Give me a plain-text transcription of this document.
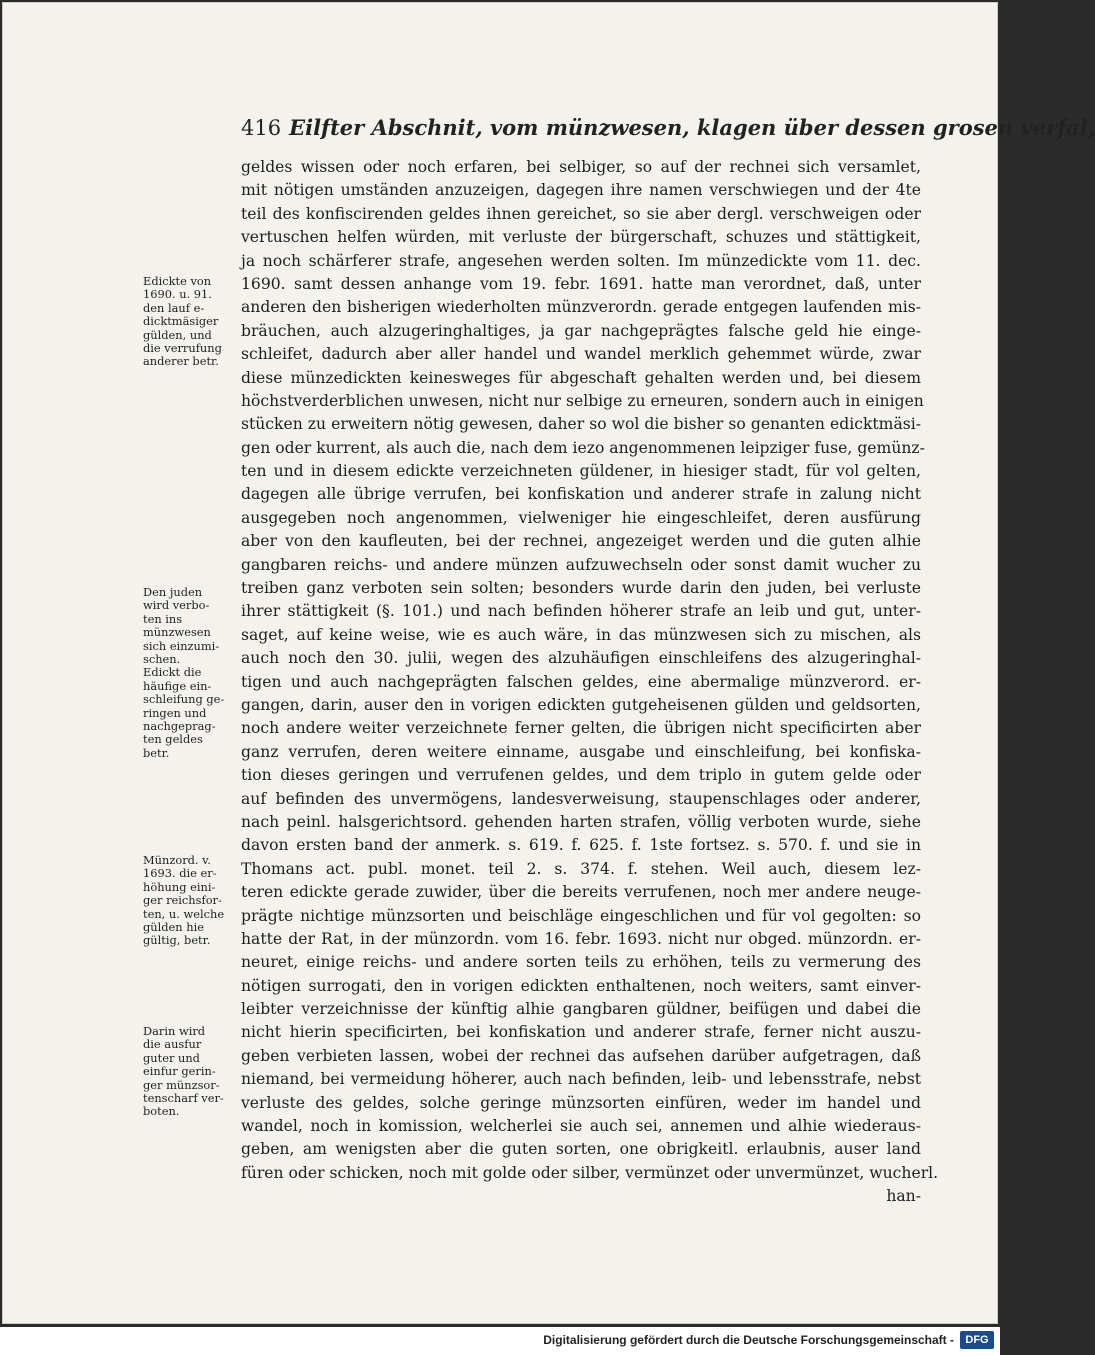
416 Eilfter Abschnit, vom münzwesen, klagen über dessen grosen verfal,
geldes wissen oder noch erfaren, bei selbiger, so auf der rechnei sich versamlet,
mit nötigen umständen anzuzeigen, dagegen ihre namen verschwiegen und der 4te
teil des konfiscirenden geldes ihnen gereichet, so sie aber dergl. verschweigen oder
vertuschen helfen würden, mit verluste der bürgerschaft, schuzes und stättigkeit,
ja noch schärferer strafe, angesehen werden solten. Im münzedickte vom 11. dec.
1690. samt dessen anhange vom 19. febr. 1691. hatte man verordnet, daß, unter
anderen den bisherigen wiederholten münzverordn. gerade entgegen laufenden mis-
bräuchen, auch alzugeringhaltiges, ja gar nachgeprägtes falsche geld hie einge-
schleifet, dadurch aber aller handel und wandel merklich gehemmet würde, zwar
diese münzedickten keinesweges für abgeschaft gehalten werden und, bei diesem
höchstverderblichen unwesen, nicht nur selbige zu erneuren, sondern auch in einigen
stücken zu erweitern nötig gewesen, daher so wol die bisher so genanten edicktmäsi-
gen oder kurrent, als auch die, nach dem iezo angenommenen leipziger fuse, gemünz-
ten und in diesem edickte verzeichneten güldener, in hiesiger stadt, für vol gelten,
dagegen alle übrige verrufen, bei konfiskation und anderer strafe in zalung nicht
ausgegeben noch angenommen, vielweniger hie eingeschleifet, deren ausfürung
aber von den kaufleuten, bei der rechnei, angezeiget werden und die guten alhie
gangbaren reichs- und andere münzen aufzuwechseln oder sonst damit wucher zu
treiben ganz verboten sein solten; besonders wurde darin den juden, bei verluste
ihrer stättigkeit (§. 101.) und nach befinden höherer strafe an leib und gut, unter-
saget, auf keine weise, wie es auch wäre, in das münzwesen sich zu mischen, als
auch noch den 30. julii, wegen des alzuhäufigen einschleifens des alzugeringhal-
tigen und auch nachgeprägten falschen geldes, eine abermalige münzverord. er-
gangen, darin, auser den in vorigen edickten gutgeheisenen gülden und geldsorten,
noch andere weiter verzeichnete ferner gelten, die übrigen nicht specificirten aber
ganz verrufen, deren weitere einname, ausgabe und einschleifung, bei konfiska-
tion dieses geringen und verrufenen geldes, und dem triplo in gutem gelde oder
auf befinden des unvermögens, landesverweisung, staupenschlages oder anderer,
nach peinl. halsgerichtsord. gehenden harten strafen, völlig verboten wurde, siehe
davon ersten band der anmerk. s. 619. f. 625. f. 1ste fortsez. s. 570. f. und sie in
Thomans act. publ. monet. teil 2. s. 374. f. stehen. Weil auch, diesem lez-
teren edickte gerade zuwider, über die bereits verrufenen, noch mer andere neuge-
prägte nichtige münzsorten und beischläge eingeschlichen und für vol gegolten: so
hatte der Rat, in der münzordn. vom 16. febr. 1693. nicht nur obged. münzordn. er-
neuret, einige reichs- und andere sorten teils zu erhöhen, teils zu vermerung des
nötigen surrogati, den in vorigen edickten enthaltenen, noch weiters, samt einver-
leibter verzeichnisse der künftig alhie gangbaren güldner, beifügen und dabei die
nicht hierin specificirten, bei konfiskation und anderer strafe, ferner nicht auszu-
geben verbieten lassen, wobei der rechnei das aufsehen darüber aufgetragen, daß
niemand, bei vermeidung höherer, auch nach befinden, leib- und lebensstrafe, nebst
verluste des geldes, solche geringe münzsorten einfüren, weder im handel und
wandel, noch in komission, welcherlei sie auch sei, annemen und alhie wiederaus-
geben, am wenigsten aber die guten sorten, one obrigkeitl. erlaubnis, auser land
füren oder schicken, noch mit golde oder silber, vermünzet oder unvermünzet, wucherl.
han-
Edickte von
1690. u. 91.
den lauf e-
dicktmäsiger
gülden, und
die verrufung
anderer betr.
Den juden
wird verbo-
ten ins
münzwesen
sich einzumi-
schen.
Edickt die
häufige ein-
schleifung ge-
ringen und
nachgeprag-
ten geldes
betr.
Münzord. v.
1693. die er-
höhung eini-
ger reichsfor-
ten, u. welche
gülden hie
gültig, betr.
Darin wird
die ausfur
guter und
einfur gerin-
ger münzsor-
tenscharf ver-
boten.
Digitalisierung gefördert durch die Deutsche Forschungsgemeinschaft -	DFG
